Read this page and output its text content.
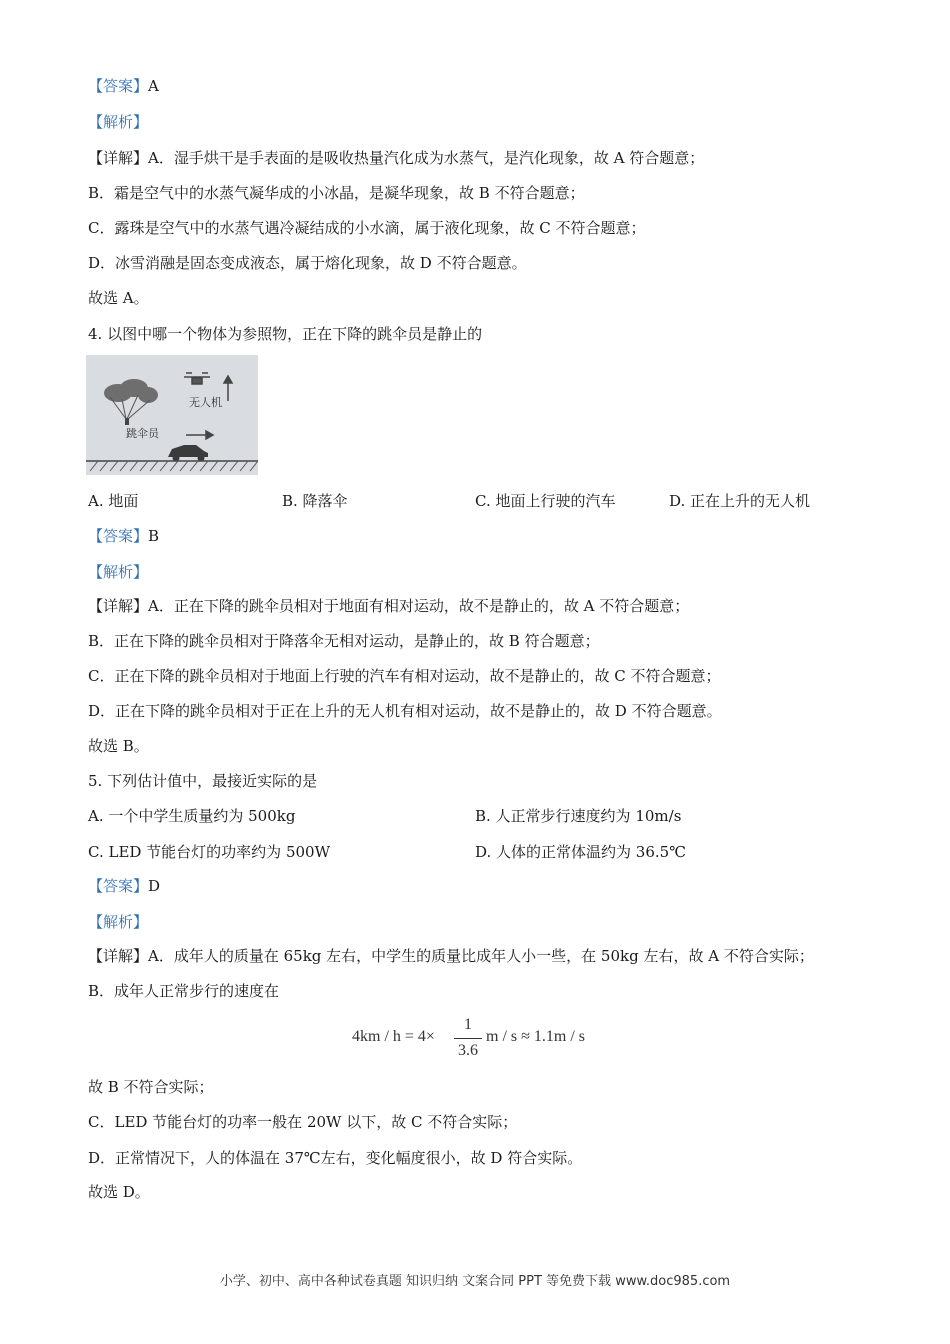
【答案】A
【解析】
【详解】A．湿手烘干是手表面的是吸收热量汽化成为水蒸气，是汽化现象，故 A 符合题意；
B．霜是空气中的水蒸气凝华成的小冰晶，是凝华现象，故 B 不符合题意；
C．露珠是空气中的水蒸气遇冷凝结成的小水滴，属于液化现象，故 C 不符合题意；
D．冰雪消融是固态变成液态，属于熔化现象，故 D 不符合题意。
故选 A。
4. 以图中哪一个物体为参照物，正在下降的跳伞员是静止的
无人机
跳伞员
A. 地面	B. 降落伞	C. 地面上行驶的汽车	D. 正在上升的无人机
【答案】B
【解析】
【详解】A．正在下降的跳伞员相对于地面有相对运动，故不是静止的，故 A 不符合题意；
B．正在下降的跳伞员相对于降落伞无相对运动，是静止的，故 B 符合题意；
C．正在下降的跳伞员相对于地面上行驶的汽车有相对运动，故不是静止的，故 C 不符合题意；
D．正在下降的跳伞员相对于正在上升的无人机有相对运动，故不是静止的，故 D 不符合题意。
故选 B。
5. 下列估计值中，最接近实际的是
A. 一个中学生质量约为 500kg	B. 人正常步行速度约为 10m/s
C. LED 节能台灯的功率约为 500W	D. 人体的正常体温约为 36.5℃
【答案】D
【解析】
【详解】A．成年人的质量在 65kg 左右，中学生的质量比成年人小一些，在 50kg 左右，故 A 不符合实际；
B．成年人正常步行的速度在
4km / h = 4×
1
3.6
m / s ≈ 1.1m / s
故 B 不符合实际；
C．LED 节能台灯的功率一般在 20W 以下，故 C 不符合实际；
D．正常情况下，人的体温在 37℃左右，变化幅度很小，故 D 符合实际。
故选 D。
小学、初中、高中各种试卷真题 知识归纳 文案合同 PPT 等免费下载 www.doc985.com
